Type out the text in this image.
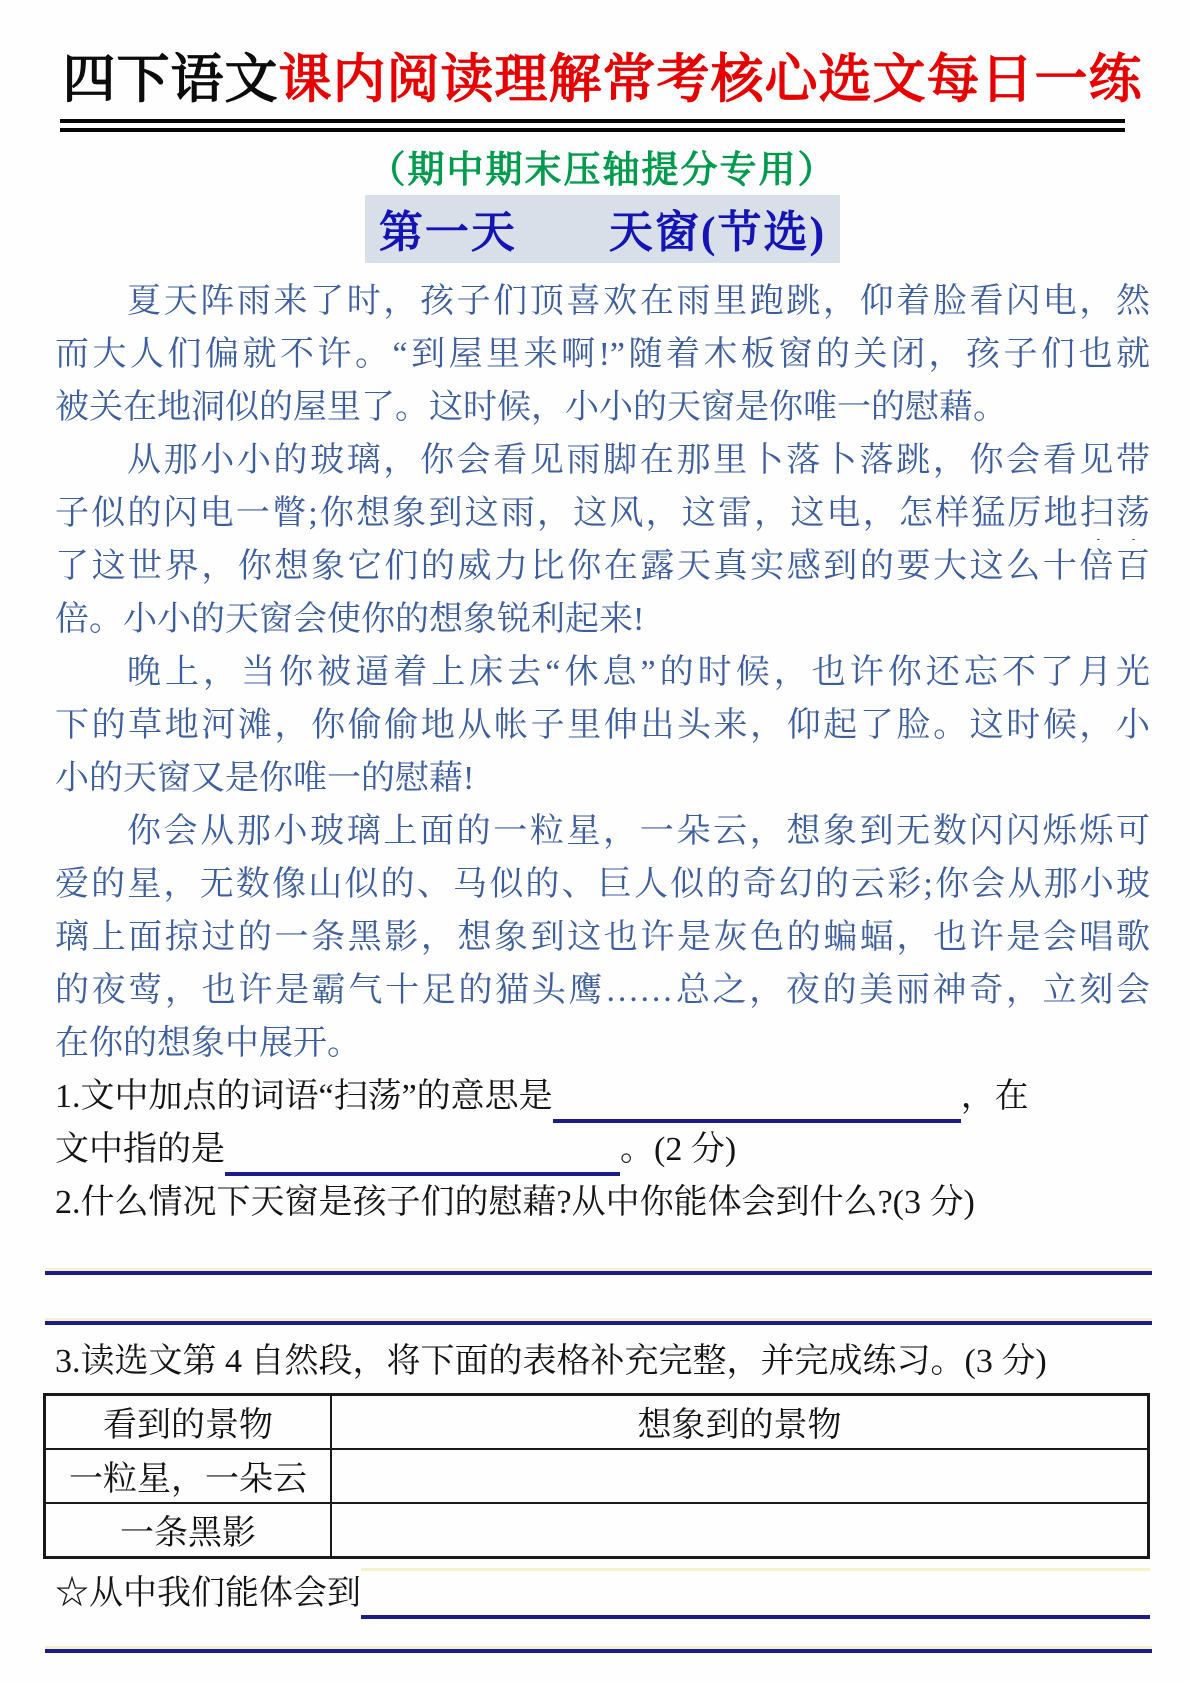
四下语文课内阅读理解常考核心选文每日一练
（期中期末压轴提分专用）
第一天　　天窗(节选)
夏天阵雨来了时，孩子们顶喜欢在雨里跑跳，仰着脸看闪电，然
而大人们偏就不许。“到屋里来啊!”随着木板窗的关闭，孩子们也就
被关在地洞似的屋里了。这时候，小小的天窗是你唯一的慰藉。
从那小小的玻璃，你会看见雨脚在那里卜落卜落跳，你会看见带
子似的闪电一瞥;你想象到这雨，这风，这雷，这电，怎样猛厉地扫荡
了这世界，你想象它们的威力比你在露天真实感到的要大这么十倍百
倍。小小的天窗会使你的想象锐利起来!
晚上，当你被逼着上床去“休息”的时候，也许你还忘不了月光
下的草地河滩，你偷偷地从帐子里伸出头来，仰起了脸。这时候，小
小的天窗又是你唯一的慰藉!
你会从那小玻璃上面的一粒星，一朵云，想象到无数闪闪烁烁可
爱的星，无数像山似的、马似的、巨人似的奇幻的云彩;你会从那小玻
璃上面掠过的一条黑影，想象到这也许是灰色的蝙蝠，也许是会唱歌
的夜莺，也许是霸气十足的猫头鹰……总之，夜的美丽神奇，立刻会
在你的想象中展开。
1.文中加点的词语“扫荡”的意思是	，在
文中指的是	。(2 分)
2.什么情况下天窗是孩子们的慰藉?从中你能体会到什么?(3 分)
3.读选文第 4 自然段，将下面的表格补充完整，并完成练习。(3 分)
看到的景物	想象到的景物
一粒星，一朵云	
一条黑影	
☆从中我们能体会到
